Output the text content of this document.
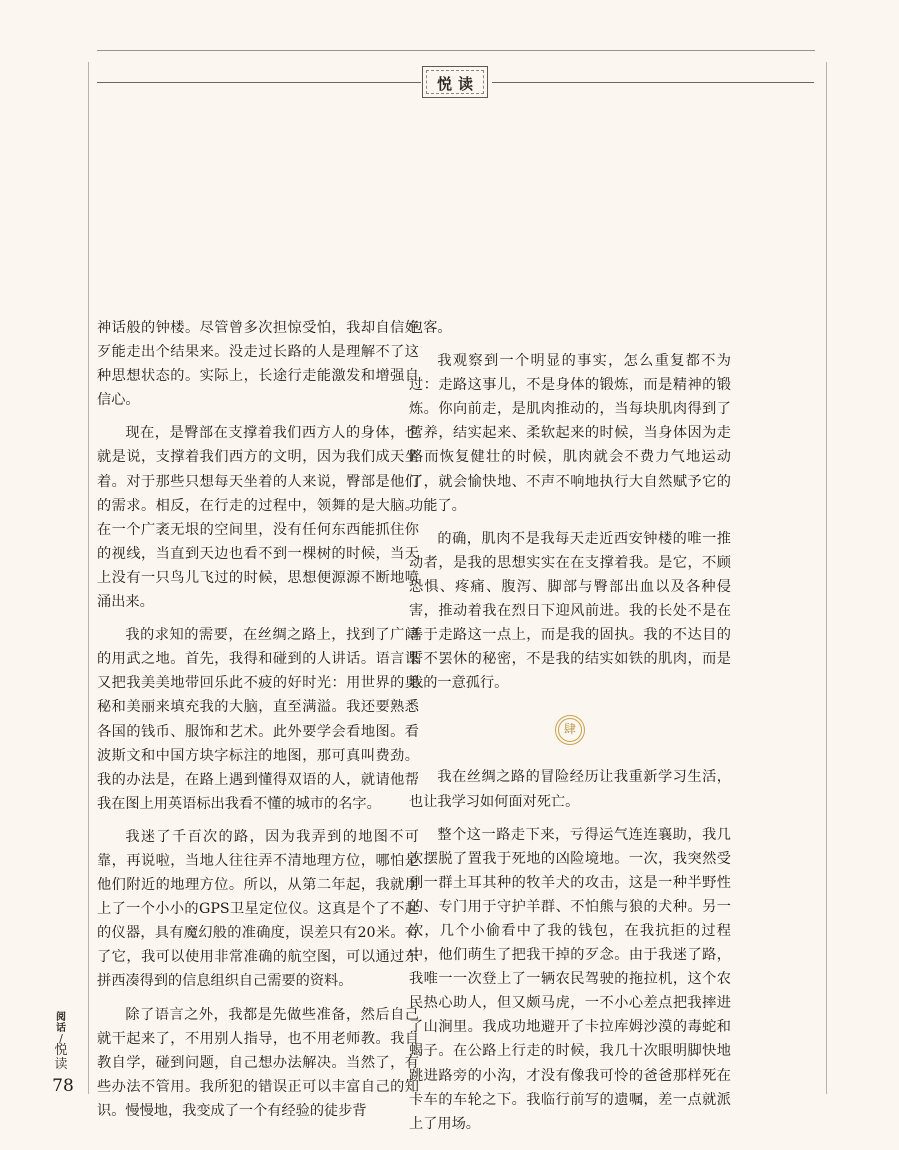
悦读

神话般的钟楼。尽管曾多次担惊受怕，我却自信好歹能走出个结果来。没走过长路的人是理解不了这种思想状态的。实际上，长途行走能激发和增强自信心。

现在，是臀部在支撑着我们西方人的身体，也就是说，支撑着我们西方的文明，因为我们成天坐着。对于那些只想每天坐着的人来说，臀部是他们的需求。相反，在行走的过程中，领舞的是大脑。在一个广袤无垠的空间里，没有任何东西能抓住你的视线，当直到天边也看不到一棵树的时候，当天上没有一只鸟儿飞过的时候，思想便源源不断地喷涌出来。

我的求知的需要，在丝绸之路上，找到了广阔的用武之地。首先，我得和碰到的人讲话。语言课又把我美美地带回乐此不疲的好时光：用世界的奥秘和美丽来填充我的大脑，直至满溢。我还要熟悉各国的钱币、服饰和艺术。此外要学会看地图。看波斯文和中国方块字标注的地图，那可真叫费劲。我的办法是，在路上遇到懂得双语的人，就请他帮我在图上用英语标出我看不懂的城市的名字。

我迷了千百次的路，因为我弄到的地图不可靠，再说啦，当地人往往弄不清地理方位，哪怕是他们附近的地理方位。所以，从第二年起，我就用上了一个小小的GPS卫星定位仪。这真是个了不起的仪器，具有魔幻般的准确度，误差只有20米。有了它，我可以使用非常准确的航空图，可以通过东拼西凑得到的信息组织自己需要的资料。

除了语言之外，我都是先做些准备，然后自己就干起来了，不用别人指导，也不用老师教。我自教自学，碰到问题，自己想办法解决。当然了，有些办法不管用。我所犯的错误正可以丰富自己的知识。慢慢地，我变成了一个有经验的徒步背

包客。

我观察到一个明显的事实，怎么重复都不为过：走路这事儿，不是身体的锻炼，而是精神的锻炼。你向前走，是肌肉推动的，当每块肌肉得到了营养，结实起来、柔软起来的时候，当身体因为走路而恢复健壮的时候，肌肉就会不费力气地运动了，就会愉快地、不声不响地执行大自然赋予它的功能了。

的确，肌肉不是我每天走近西安钟楼的唯一推动者，是我的思想实实在在支撑着我。是它，不顾恐惧、疼痛、腹泻、脚部与臀部出血以及各种侵害，推动着我在烈日下迎风前进。我的长处不是在善于走路这一点上，而是我的固执。我的不达目的誓不罢休的秘密，不是我的结实如铁的肌肉，而是我的一意孤行。

肆

我在丝绸之路的冒险经历让我重新学习生活，也让我学习如何面对死亡。

整个这一路走下来，亏得运气连连襄助，我几次摆脱了置我于死地的凶险境地。一次，我突然受到一群土耳其种的牧羊犬的攻击，这是一种半野性的、专门用于守护羊群、不怕熊与狼的犬种。另一次，几个小偷看中了我的钱包，在我抗拒的过程中，他们萌生了把我干掉的歹念。由于我迷了路，我唯一一次登上了一辆农民驾驶的拖拉机，这个农民热心助人，但又颇马虎，一不小心差点把我摔进了山涧里。我成功地避开了卡拉库姆沙漠的毒蛇和蝎子。在公路上行走的时候，我几十次眼明脚快地跳进路旁的小沟，才没有像我可怜的爸爸那样死在卡车的车轮之下。我临行前写的遗嘱，差一点就派上了用场。

阅话
/
悦读
78
